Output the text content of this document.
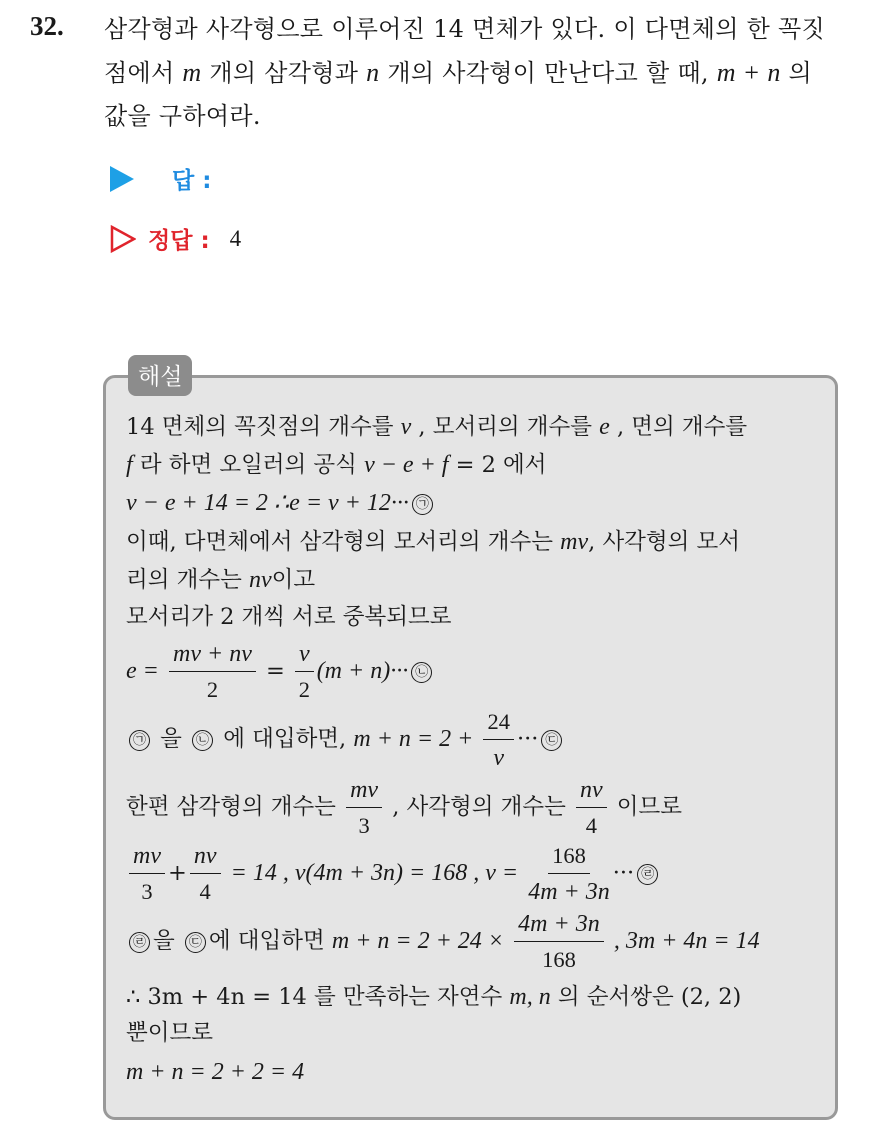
32. 삼각형과 사각형으로 이루어진 14 면체가 있다. 이 다면체의 한 꼭짓
점에서 m 개의 삼각형과 n 개의 사각형이 만난다고 할 때, m + n 의
값을 구하여라.
답 :
정답 : 4
해설
14 면체의 꼭짓점의 개수를 v , 모서리의 개수를 e , 면의 개수를
f 라 하면 오일러의 공식 v − e + f = 2 에서
v − e + 14 = 2 ∴e = v + 12··· ㉠
이때, 다면체에서 삼각형의 모서리의 개수는 mv, 사각형의 모서
리의 개수는 nv이고
모서리가 2 개씩 서로 중복되므로
$e = \frac{mv + nv}{2} = \frac{v}{2} (m + n)\cdot\cdot\cdot$ ㉡
㉠ 을 ㉡ 에 대입하면, $m + n = 2 + \frac{24}{v}$ ··· ㉢
한편 삼각형의 개수는 $\frac{mv}{3}$ , 사각형의 개수는 $\frac{nv}{4}$ 이므로
$\frac{mv}{3} + \frac{nv}{4} = 14$ , v(4m + 3n) = 168 , $v = \frac{168}{4m + 3n}$ ··· ㉣
㉣ 을 ㉢ 에 대입하면 $m + n = 2 + 24 \times \frac{4m + 3n}{168}$ , 3m + 4n = 14
∴ 3m + 4n = 14 를 만족하는 자연수 m, n 의 순서쌍은 (2, 2)
뿐이므로
m + n = 2 + 2 = 4
